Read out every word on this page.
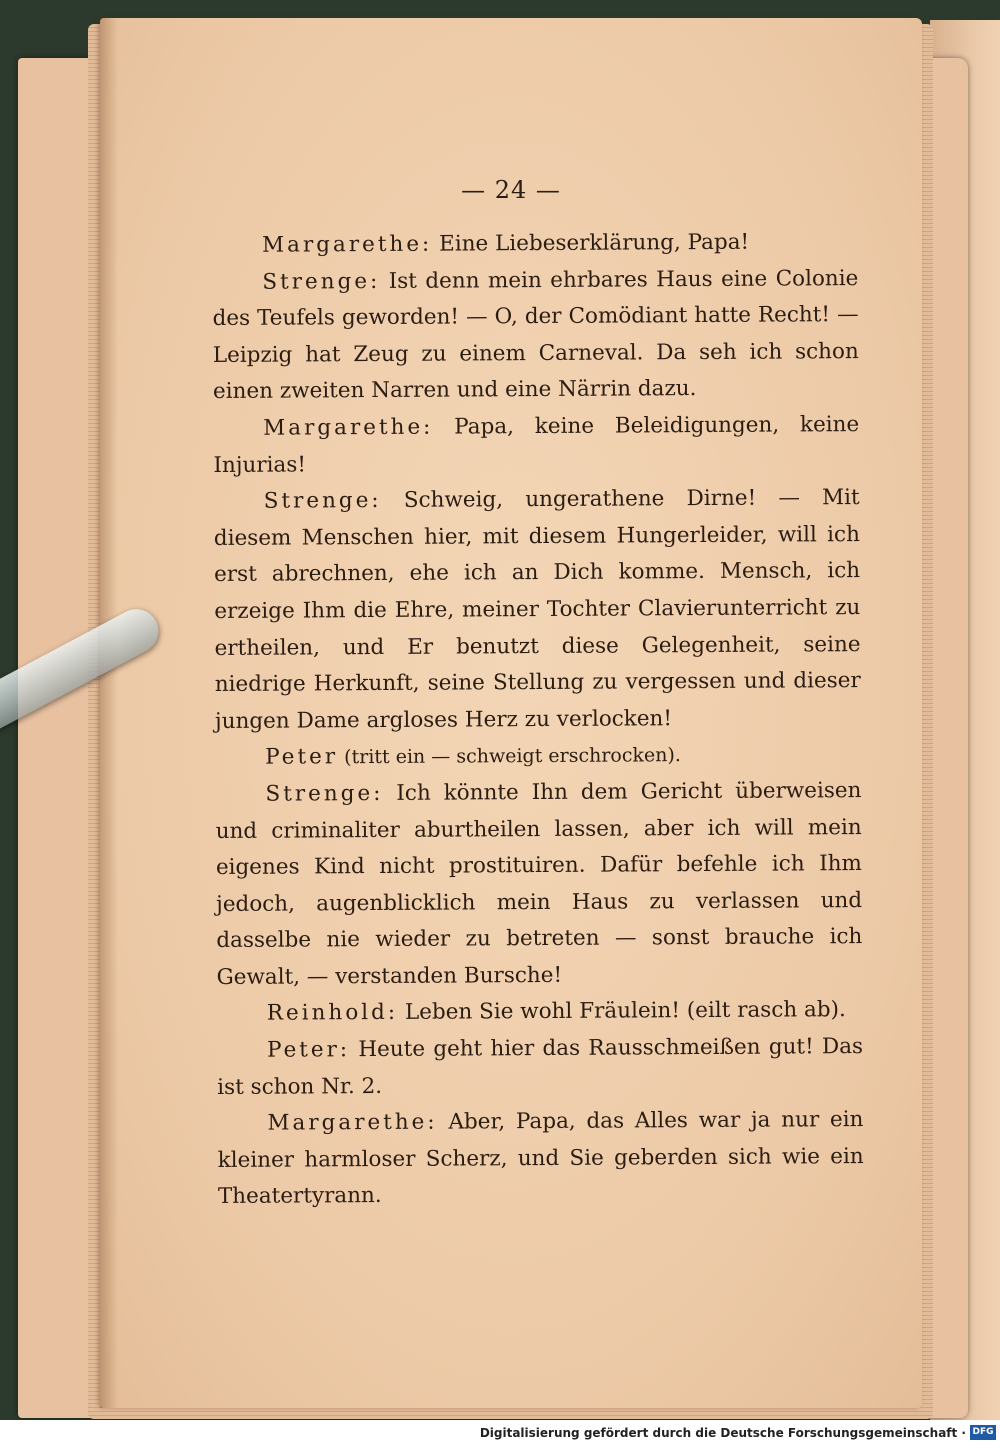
— 24 —

Margarethe: Eine Liebeserklärung, Papa!

Strenge: Ist denn mein ehrbares Haus eine Colonie des Teufels geworden! — O, der Comödiant hatte Recht! — Leipzig hat Zeug zu einem Carneval. Da seh ich schon einen zweiten Narren und eine Närrin dazu.

Margarethe: Papa, keine Beleidigungen, keine Injurias!

Strenge: Schweig, ungerathene Dirne! — Mit diesem Menschen hier, mit diesem Hungerleider, will ich erst abrechnen, ehe ich an Dich komme. Mensch, ich erzeige Ihm die Ehre, meiner Tochter Clavierunterricht zu ertheilen, und Er benutzt diese Gelegenheit, seine niedrige Herkunft, seine Stellung zu vergessen und dieser jungen Dame argloses Herz zu verlocken!

Peter (tritt ein — schweigt erschrocken).

Strenge: Ich könnte Ihn dem Gericht überweisen und criminaliter aburtheilen lassen, aber ich will mein eigenes Kind nicht prostituiren. Dafür befehle ich Ihm jedoch, augenblicklich mein Haus zu verlassen und dasselbe nie wieder zu betreten — sonst brauche ich Gewalt, — verstanden Bursche!

Reinhold: Leben Sie wohl Fräulein! (eilt rasch ab).

Peter: Heute geht hier das Rausschmeißen gut! Das ist schon Nr. 2.

Margarethe: Aber, Papa, das Alles war ja nur ein kleiner harmloser Scherz, und Sie geberden sich wie ein Theatertyrann.

Digitalisierung gefördert durch die Deutsche Forschungsgemeinschaft · DFG
